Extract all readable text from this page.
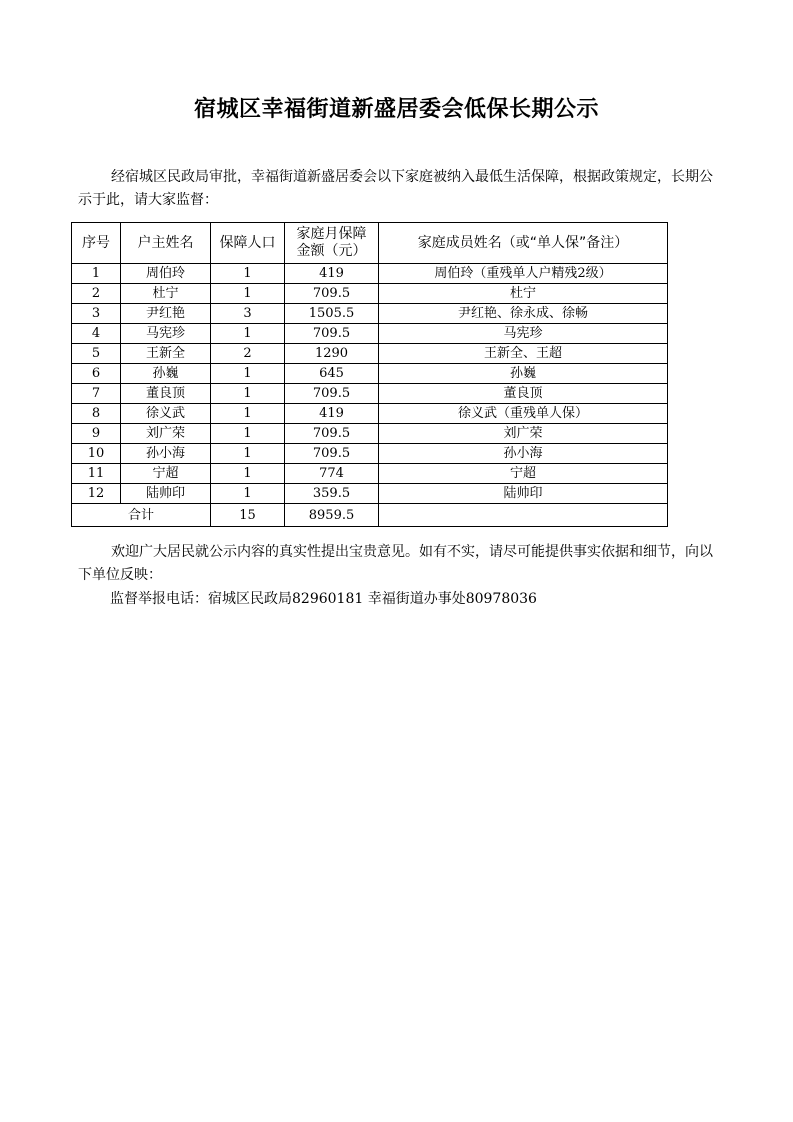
宿城区幸福街道新盛居委会低保长期公示
经宿城区民政局审批，幸福街道新盛居委会以下家庭被纳入最低生活保障，根据政策规定，长期公示于此，请大家监督：
序号	户主姓名	保障人口	家庭月保障金额（元）	家庭成员姓名（或“单人保”备注）
1	周伯玲	1	419	周伯玲（重残单人户精残2级）
2	杜宁	1	709.5	杜宁
3	尹红艳	3	1505.5	尹红艳、徐永成、徐畅
4	马宪珍	1	709.5	马宪珍
5	王新全	2	1290	王新全、王超
6	孙巍	1	645	孙巍
7	董良顶	1	709.5	董良顶
8	徐义武	1	419	徐义武（重残单人保）
9	刘广荣	1	709.5	刘广荣
10	孙小海	1	709.5	孙小海
11	宁超	1	774	宁超
12	陆帅印	1	359.5	陆帅印
合计		15	8959.5	
欢迎广大居民就公示内容的真实性提出宝贵意见。如有不实，请尽可能提供事实依据和细节，向以下单位反映：
监督举报电话：宿城区民政局82960181 幸福街道办事处80978036
